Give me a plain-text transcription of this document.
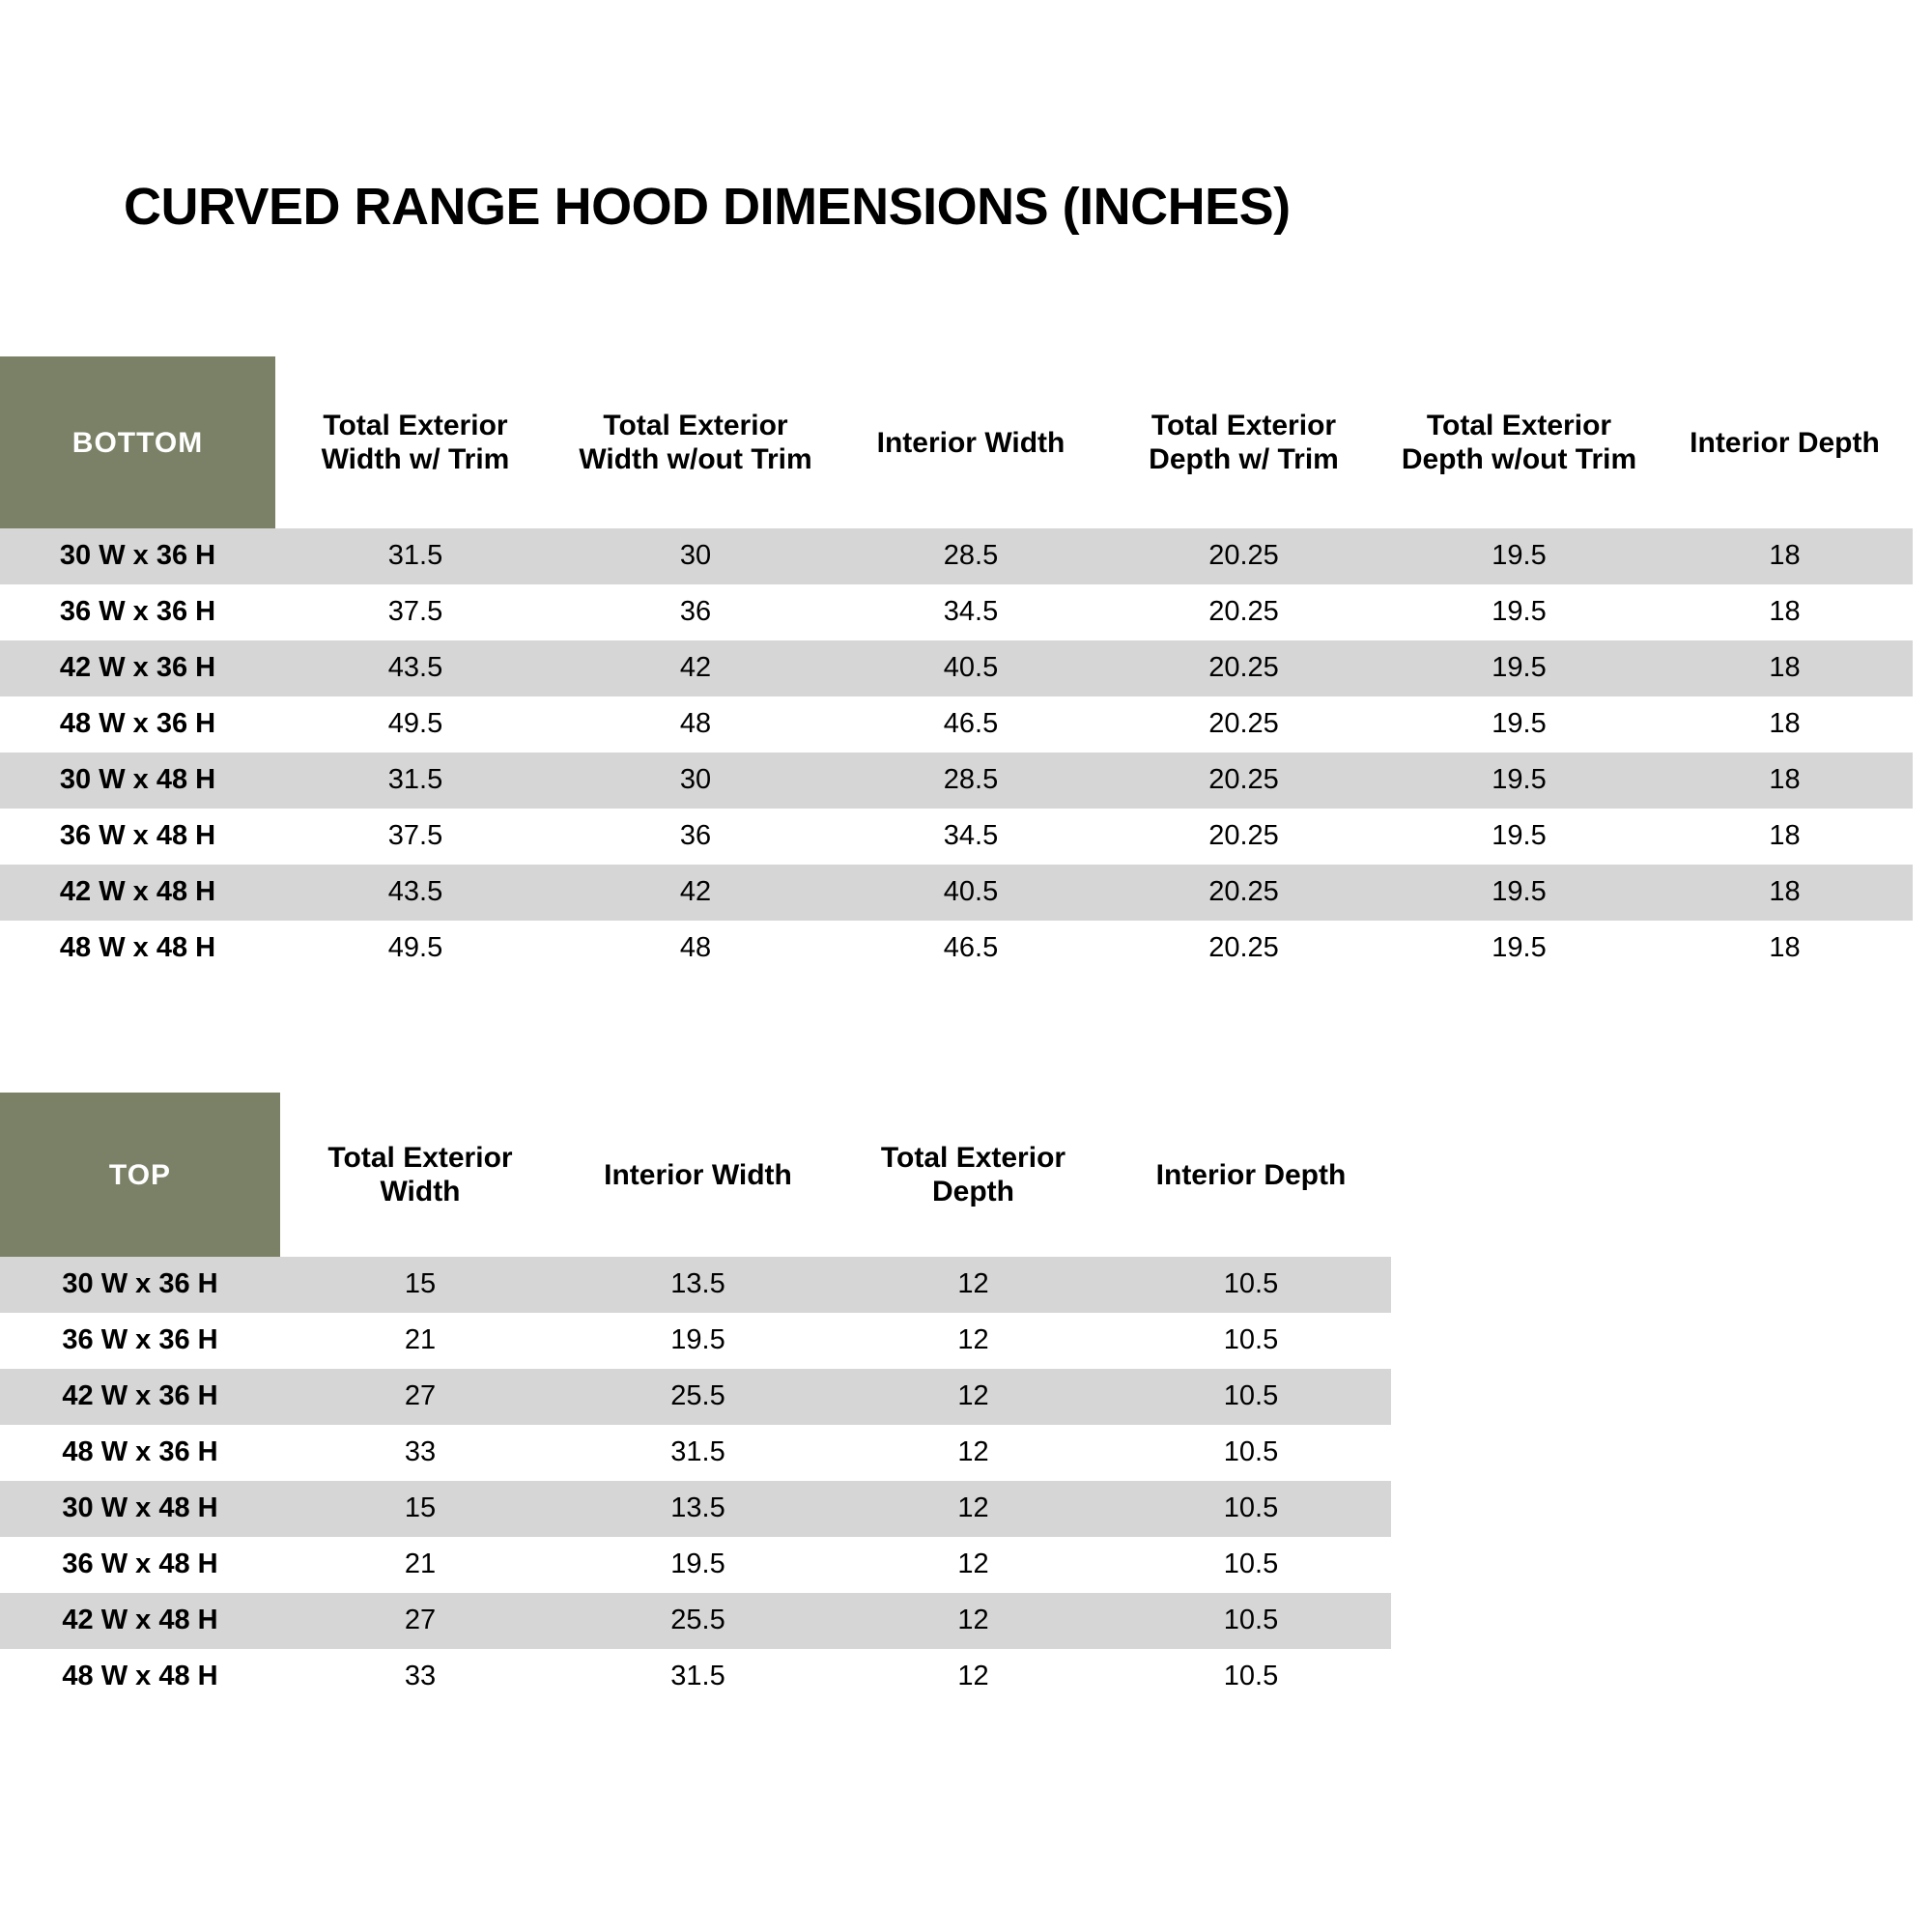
CURVED RANGE HOOD DIMENSIONS (INCHES)
BOTTOM	Total Exterior Width w/ Trim	Total Exterior Width w/out Trim	Interior Width	Total Exterior Depth w/ Trim	Total Exterior Depth w/out Trim	Interior Depth
30 W x 36 H	31.5	30	28.5	20.25	19.5	18
36 W x 36 H	37.5	36	34.5	20.25	19.5	18
42 W x 36 H	43.5	42	40.5	20.25	19.5	18
48 W x 36 H	49.5	48	46.5	20.25	19.5	18
30 W x 48 H	31.5	30	28.5	20.25	19.5	18
36 W x 48 H	37.5	36	34.5	20.25	19.5	18
42 W x 48 H	43.5	42	40.5	20.25	19.5	18
48 W x 48 H	49.5	48	46.5	20.25	19.5	18
TOP	Total Exterior Width	Interior Width	Total Exterior Depth	Interior Depth
30 W x 36 H	15	13.5	12	10.5
36 W x 36 H	21	19.5	12	10.5
42 W x 36 H	27	25.5	12	10.5
48 W x 36 H	33	31.5	12	10.5
30 W x 48 H	15	13.5	12	10.5
36 W x 48 H	21	19.5	12	10.5
42 W x 48 H	27	25.5	12	10.5
48 W x 48 H	33	31.5	12	10.5
